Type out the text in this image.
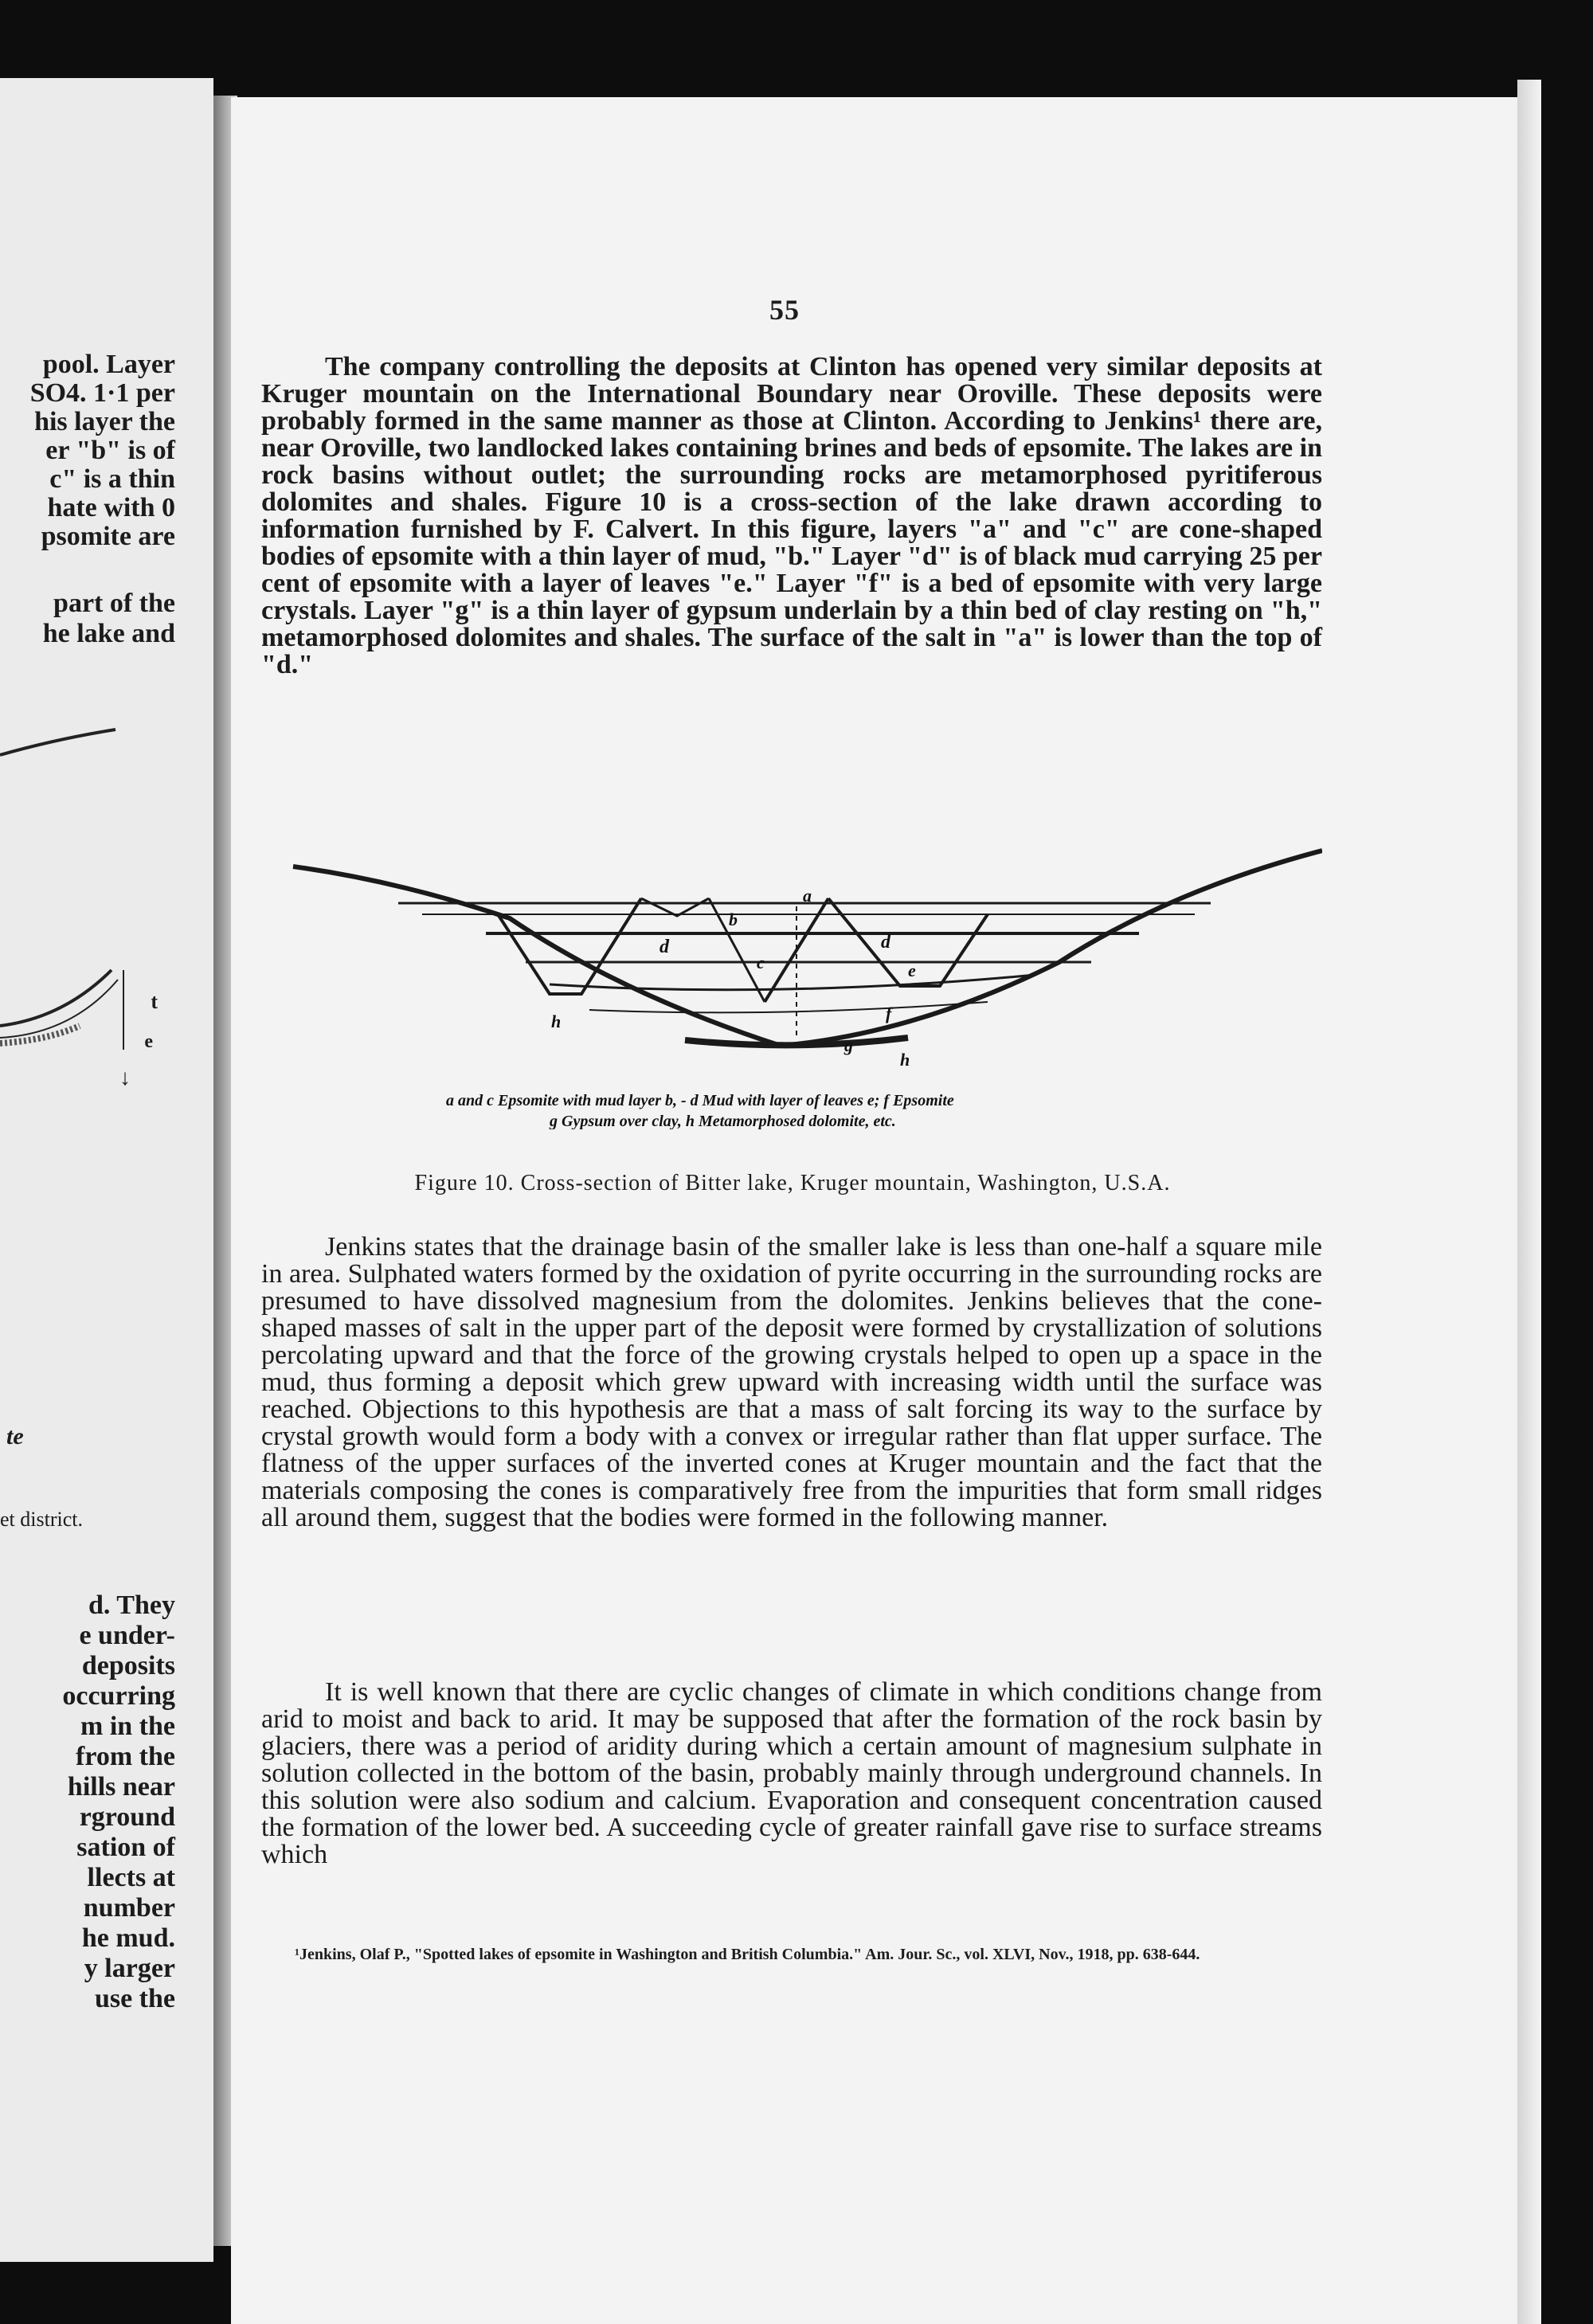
pool. Layer
SO4. 1·1 per
his layer the
er "b" is of
c" is a thin
hate with 0
psomite are
part of the
he lake and
t
e
↓
te
et district.
d. They
e under-
deposits
occurring
m in the
from the
hills near
rground
sation of
llects at
number
he mud.
y larger
use the
55

The company controlling the deposits at Clinton has opened very similar deposits at Kruger mountain on the International Boundary near Oroville. These deposits were probably formed in the same manner as those at Clinton. According to Jenkins¹ there are, near Oroville, two landlocked lakes containing brines and beds of epsomite. The lakes are in rock basins without outlet; the surrounding rocks are metamorphosed pyritiferous dolomites and shales. Figure 10 is a cross-section of the lake drawn according to information furnished by F. Calvert. In this figure, layers "a" and "c" are cone-shaped bodies of epsomite with a thin layer of mud, "b." Layer "d" is of black mud carrying 25 per cent of epsomite with a layer of leaves "e." Layer "f" is a bed of epsomite with very large crystals. Layer "g" is a thin layer of gypsum underlain by a thin bed of clay resting on "h," metamorphosed dolomites and shales. The surface of the salt in "a" is lower than the top of "d."

a
b
c
d	d
e
f
g
h
h
a and c Epsomite with mud layer b, - d Mud with layer of leaves e; f Epsomite
g Gypsum over clay, h Metamorphosed dolomite, etc.
Figure 10. Cross-section of Bitter lake, Kruger mountain, Washington, U.S.A.

Jenkins states that the drainage basin of the smaller lake is less than one-half a square mile in area. Sulphated waters formed by the oxidation of pyrite occurring in the surrounding rocks are presumed to have dissolved magnesium from the dolomites. Jenkins believes that the cone-shaped masses of salt in the upper part of the deposit were formed by crystallization of solutions percolating upward and that the force of the growing crystals helped to open up a space in the mud, thus forming a deposit which grew upward with increasing width until the surface was reached. Objections to this hypothesis are that a mass of salt forcing its way to the surface by crystal growth would form a body with a convex or irregular rather than flat upper surface. The flatness of the upper surfaces of the inverted cones at Kruger mountain and the fact that the materials composing the cones is comparatively free from the impurities that form small ridges all around them, suggest that the bodies were formed in the following manner.

It is well known that there are cyclic changes of climate in which conditions change from arid to moist and back to arid. It may be supposed that after the formation of the rock basin by glaciers, there was a period of aridity during which a certain amount of magnesium sulphate in solution collected in the bottom of the basin, probably mainly through underground channels. In this solution were also sodium and calcium. Evaporation and consequent concentration caused the formation of the lower bed. A succeeding cycle of greater rainfall gave rise to surface streams which

¹Jenkins, Olaf P., "Spotted lakes of epsomite in Washington and British Columbia." Am. Jour. Sc., vol. XLVI, Nov., 1918, pp. 638-644.
